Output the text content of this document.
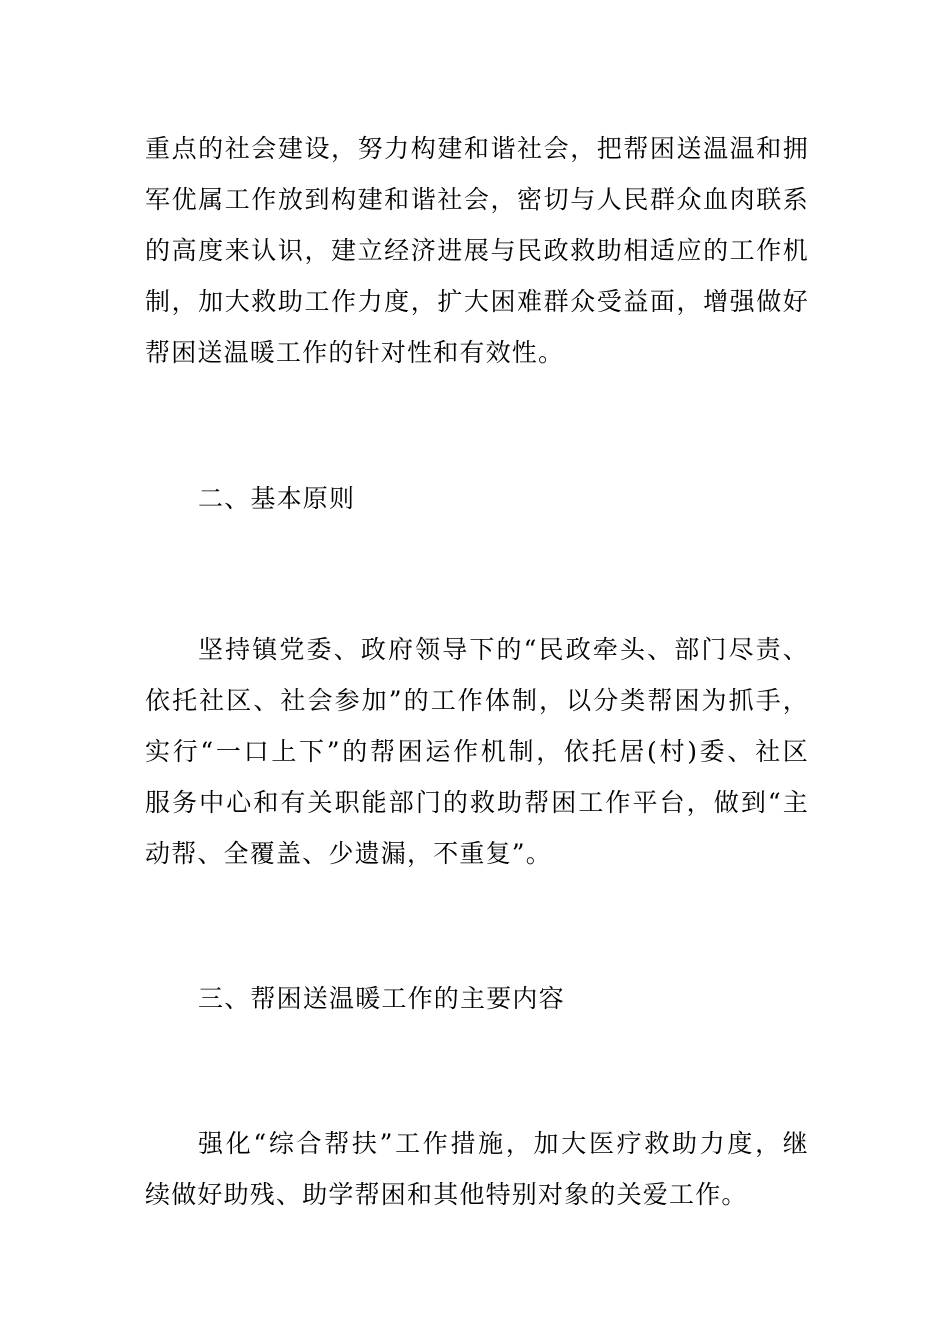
重点的社会建设，努力构建和谐社会，把帮困送温温和拥
军优属工作放到构建和谐社会，密切与人民群众血肉联系
的高度来认识，建立经济进展与民政救助相适应的工作机
制，加大救助工作力度，扩大困难群众受益面，增强做好
帮困送温暖工作的针对性和有效性。
二、基本原则
坚持镇党委、政府领导下的“民政牵头、部门尽责、
依托社区、社会参加”的工作体制，以分类帮困为抓手，
实行“一口上下”的帮困运作机制，依托居(村)委、社区
服务中心和有关职能部门的救助帮困工作平台，做到“主
动帮、全覆盖、少遗漏，不重复”。
三、帮困送温暖工作的主要内容
强化“综合帮扶”工作措施，加大医疗救助力度，继
续做好助残、助学帮困和其他特别对象的关爱工作。
